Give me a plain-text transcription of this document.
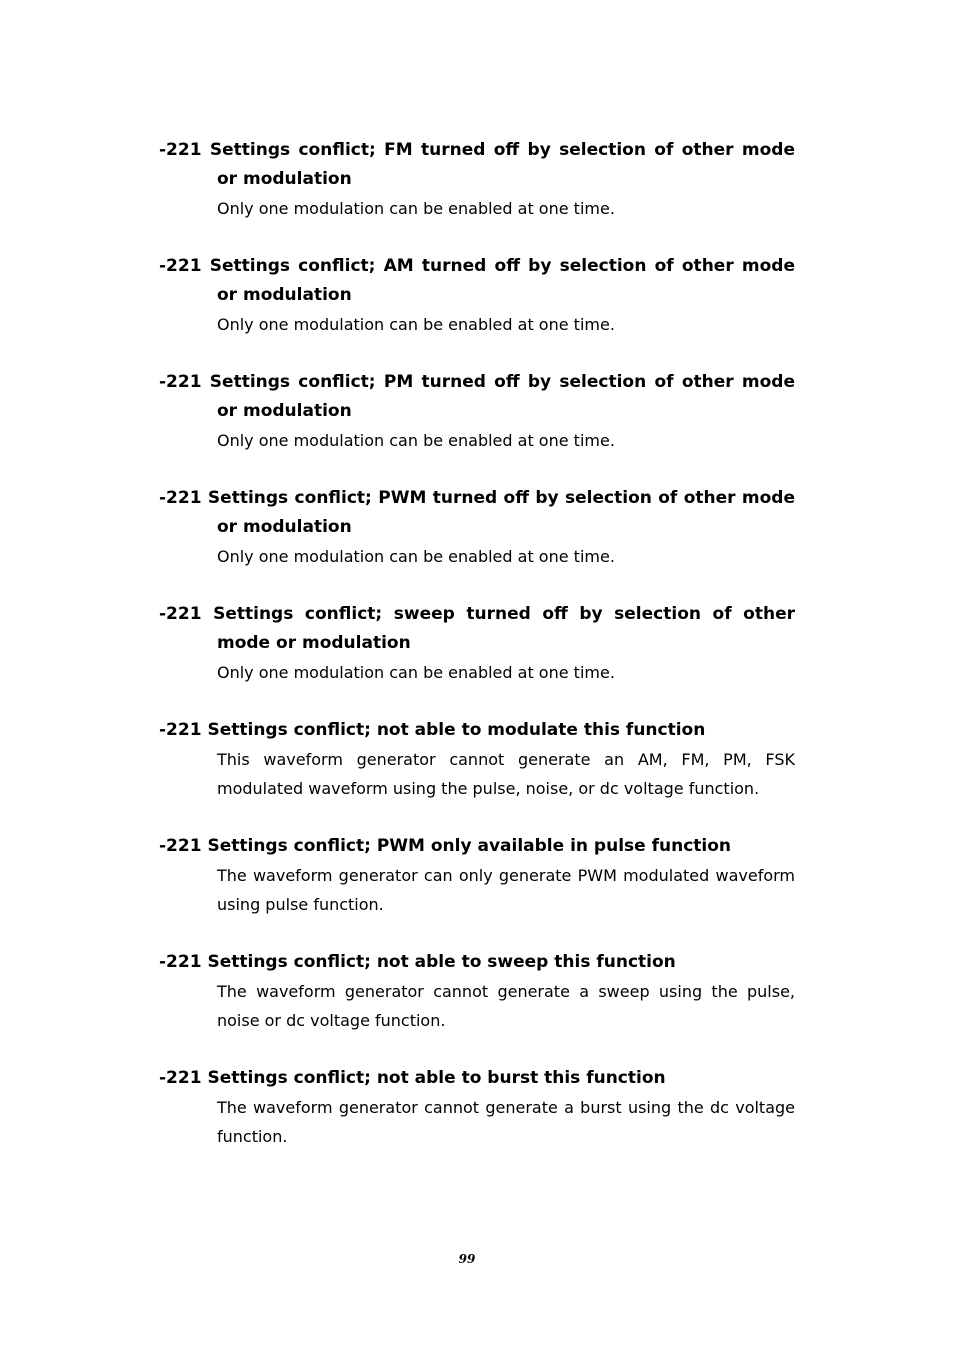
-221 Settings conflict; FM turned off by selection of other mode or modulation
Only one modulation can be enabled at one time.
-221 Settings conflict; AM turned off by selection of other mode or modulation
Only one modulation can be enabled at one time.
-221 Settings conflict; PM turned off by selection of other mode or modulation
Only one modulation can be enabled at one time.
-221 Settings conflict; PWM turned off by selection of other mode or modulation
Only one modulation can be enabled at one time.
-221 Settings conflict; sweep turned off by selection of other mode or modulation
Only one modulation can be enabled at one time.
-221 Settings conflict; not able to modulate this function
This waveform generator cannot generate an AM, FM, PM, FSK modulated waveform using the pulse, noise, or dc voltage function.
-221 Settings conflict; PWM only available in pulse function
The waveform generator can only generate PWM modulated waveform using pulse function.
-221 Settings conflict; not able to sweep this function
The waveform generator cannot generate a sweep using the pulse, noise or dc voltage function.
-221 Settings conflict; not able to burst this function
The waveform generator cannot generate a burst using the dc voltage function.
99
